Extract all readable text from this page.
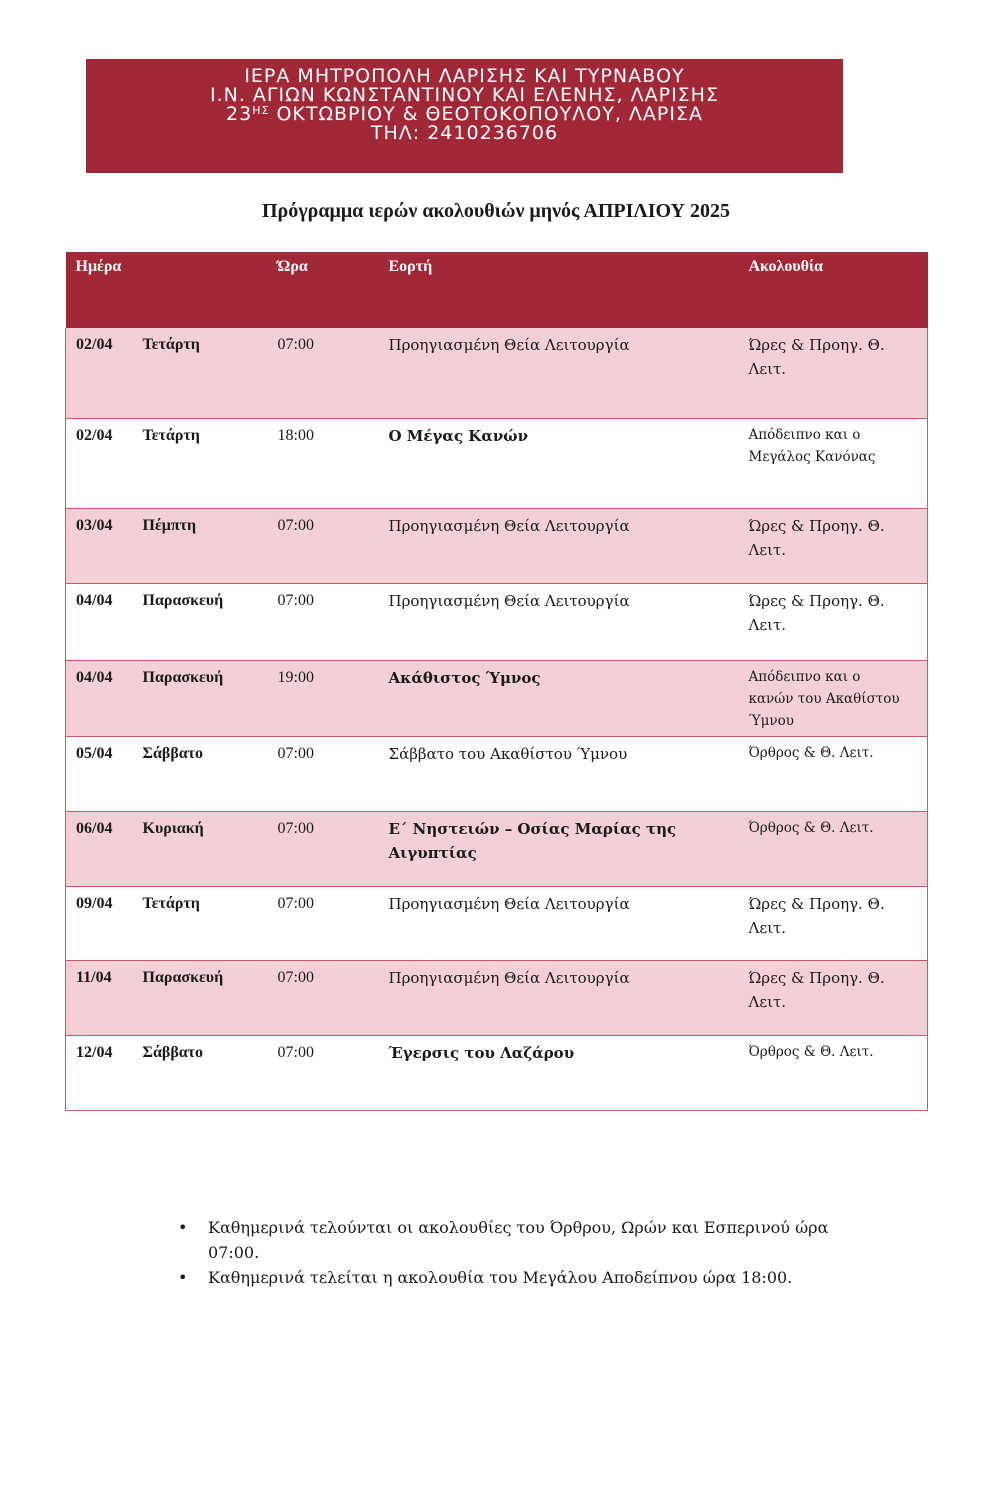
ΙΕΡΑ ΜΗΤΡΟΠΟΛΗ ΛΑΡΙΣΗΣ ΚΑΙ ΤΥΡΝΑΒΟΥ
Ι.Ν. ΑΓΙΩΝ ΚΩΝΣΤΑΝΤΙΝΟΥ ΚΑΙ ΕΛΕΝΗΣ, ΛΑΡΙΣΗΣ
$23^{H\Sigma}$ ΟΚΤΩΒΡΙΟΥ & ΘΕΟΤΟΚΟΠΟΥΛΟΥ, ΛΑΡΙΣΑ
ΤΗΛ: 2410236706
Πρόγραμμα ιερών ακολουθιών μηνός ΑΠΡΙΛΙΟΥ 2025
Ημέρα		Ώρα	Εορτή	Ακολουθία
02/04	Τετάρτη	07:00	Προηγιασμένη Θεία Λειτουργία	Ώρες & Προηγ. Θ. Λειτ.
02/04	Τετάρτη	18:00	Ο Μέγας Κανών	Απόδειπνο και ο Μεγάλος Κανόνας
03/04	Πέμπτη	07:00	Προηγιασμένη Θεία Λειτουργία	Ώρες & Προηγ. Θ. Λειτ.
04/04	Παρασκευή	07:00	Προηγιασμένη Θεία Λειτουργία	Ώρες & Προηγ. Θ. Λειτ.
04/04	Παρασκευή	19:00	Ακάθιστος Ύμνος	Απόδειπνο και ο κανών του Ακαθίστου Ύμνου
05/04	Σάββατο	07:00	Σάββατο του Ακαθίστου Ύμνου	Όρθρος & Θ. Λειτ.
06/04	Κυριακή	07:00	Ε΄ Νηστειών – Οσίας Μαρίας της Αιγυπτίας	Όρθρος & Θ. Λειτ.
09/04	Τετάρτη	07:00	Προηγιασμένη Θεία Λειτουργία	Ώρες & Προηγ. Θ. Λειτ.
11/04	Παρασκευή	07:00	Προηγιασμένη Θεία Λειτουργία	Ώρες & Προηγ. Θ. Λειτ.
12/04	Σάββατο	07:00	Έγερσις του Λαζάρου	Όρθρος & Θ. Λειτ.
• Καθημερινά τελούνται οι ακολουθίες του Όρθρου, Ωρών και Εσπερινού ώρα 07:00.
• Καθημερινά τελείται η ακολουθία του Μεγάλου Αποδείπνου ώρα 18:00.
